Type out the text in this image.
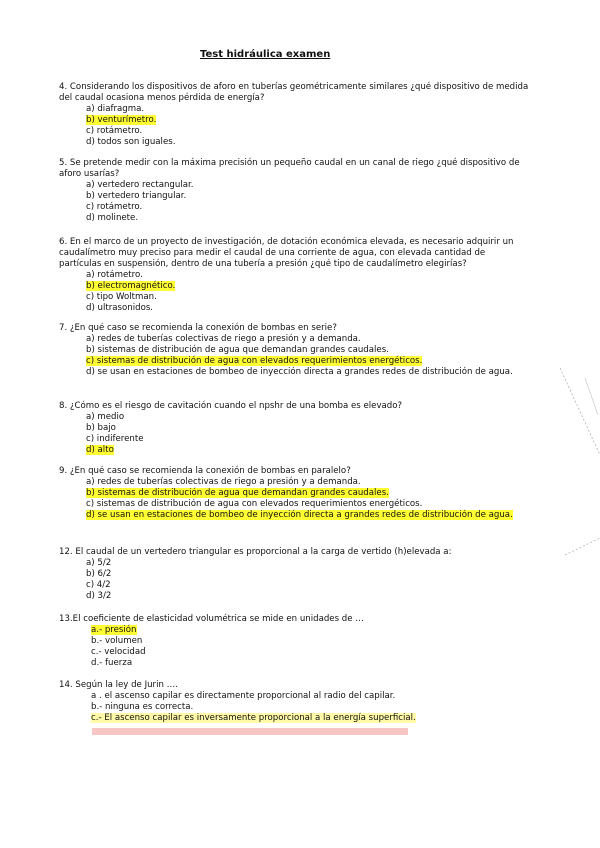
Test hidráulica examen

4. Considerando los dispositivos de aforo en tuberías geométricamente similares ¿qué dispositivo de medida del caudal ocasiona menos pérdida de energía?

a) diafragma.
b) venturímetro.
c) rotámetro.
d) todos son iguales.

5. Se pretende medir con la máxima precisión un pequeño caudal en un canal de riego ¿qué dispositivo de aforo usarías?

a) vertedero rectangular.
b) vertedero triangular.
c) rotámetro.
d) molinete.

6. En el marco de un proyecto de investigación, de dotación económica elevada, es necesario adquirir un caudalímetro muy preciso para medir el caudal de una corriente de agua, con elevada cantidad de partículas en suspensión, dentro de una tubería a presión ¿qué tipo de caudalímetro elegirías?

a) rotámetro.
b) electromagnético.
c) tipo Woltman.
d) ultrasonidos.

7. ¿En qué caso se recomienda la conexión de bombas en serie?

a) redes de tuberías colectivas de riego a presión y a demanda.
b) sistemas de distribución de agua que demandan grandes caudales.
c) sistemas de distribución de agua con elevados requerimientos energéticos.
d) se usan en estaciones de bombeo de inyección directa a grandes redes de distribución de agua.

8. ¿Cómo es el riesgo de cavitación cuando el npshr de una bomba es elevado?

a) medio
b) bajo
c) indiferente
d) alto

9. ¿En qué caso se recomienda la conexión de bombas en paralelo?

a) redes de tuberías colectivas de riego a presión y a demanda.
b) sistemas de distribución de agua que demandan grandes caudales.
c) sistemas de distribución de agua con elevados requerimientos energéticos.
d) se usan en estaciones de bombeo de inyección directa a grandes redes de distribución de agua.

12. El caudal de un vertedero triangular es proporcional a la carga de vertido (h)elevada a:

a) 5/2
b) 6/2
c) 4/2
d) 3/2

13.El coeficiente de elasticidad volumétrica se mide en unidades de …

a.- presión
b.- volumen
c.- velocidad
d.- fuerza

14. Según la ley de Jurin ….

a . el ascenso capilar es directamente proporcional al radio del capilar.
b.- ninguna es correcta.
c.- El ascenso capilar es inversamente proporcional a la energía superficial.
